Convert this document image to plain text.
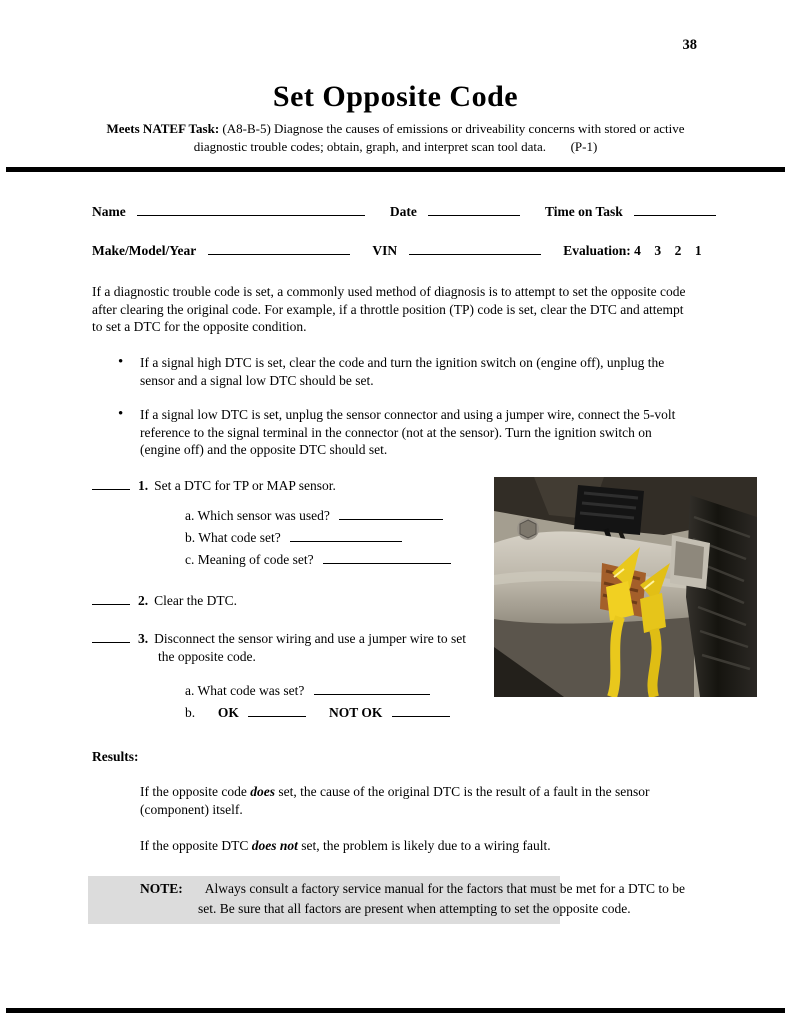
38
Set Opposite Code
Meets NATEF Task: (A8-B-5) Diagnose the causes of emissions or driveability concerns with stored or active diagnostic trouble codes; obtain, graph, and interpret scan tool data. (P-1)
Name	Date	Time on Task
Make/Model/Year	VIN	Evaluation: 4    3    2    1

If a diagnostic trouble code is set, a commonly used method of diagnosis is to attempt to set the opposite code after clearing the original code. For example, if a throttle position (TP) code is set, clear the DTC and attempt to set a DTC for the opposite condition.

• If a signal high DTC is set, clear the code and turn the ignition switch on (engine off), unplug the sensor and a signal low DTC should be set.
• If a signal low DTC is set, unplug the sensor connector and using a jumper wire, connect the 5-volt reference to the signal terminal in the connector (not at the sensor). Turn the ignition switch on (engine off) and the opposite DTC should set.
1. Set a DTC for TP or MAP sensor.
a. Which sensor was used?
b. What code set?
c. Meaning of code set?
2. Clear the DTC.
3. Disconnect the sensor wiring and use a jumper wire to set the opposite code.
a. What code was set?
b. OK	NOT OK
Results:

If the opposite code does set, the cause of the original DTC is the result of a fault in the sensor (component) itself.

If the opposite DTC does not set, the problem is likely due to a wiring fault.

NOTE: Always consult a factory service manual for the factors that must be met for a DTC to be set. Be sure that all factors are present when attempting to set the opposite code.
